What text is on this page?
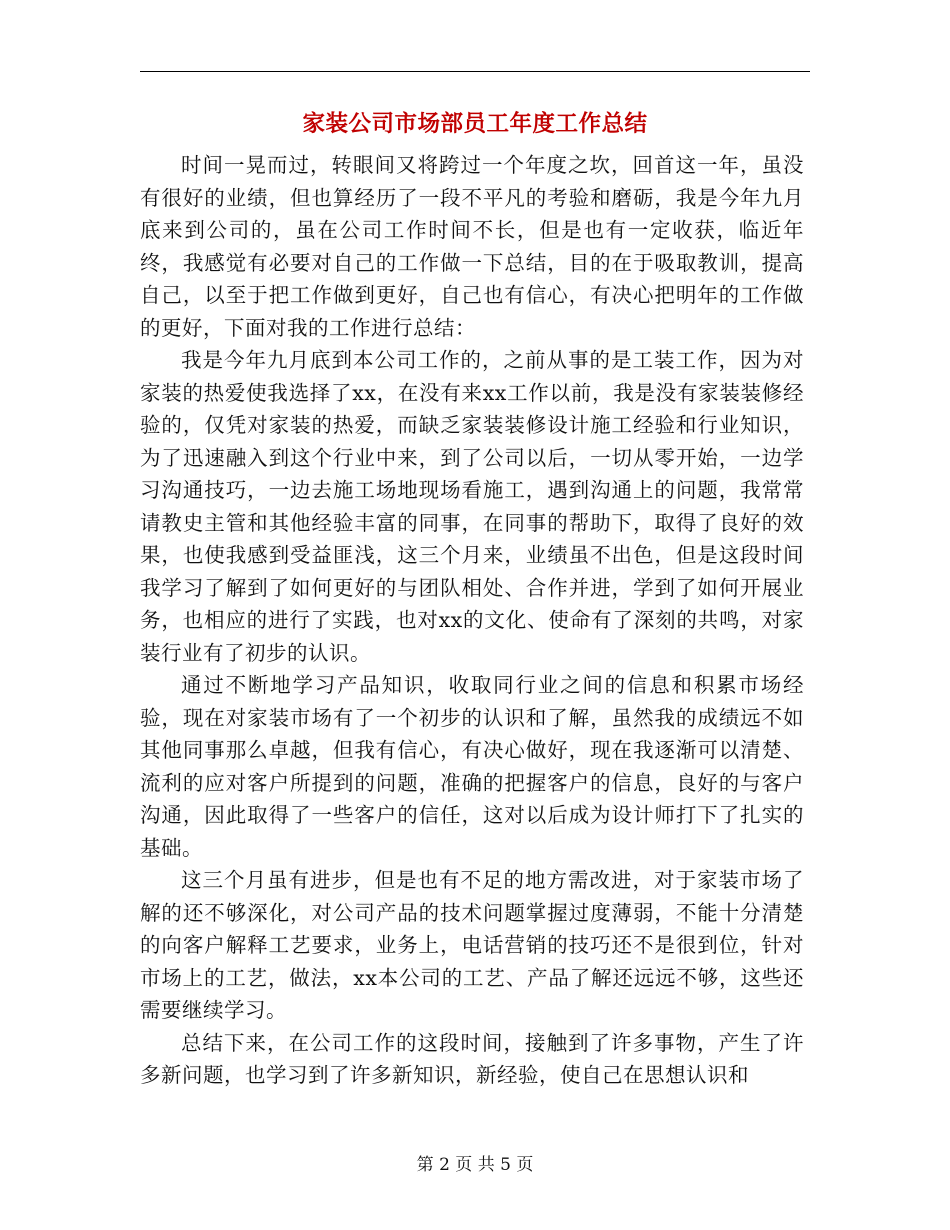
家装公司市场部员工年度工作总结

时间一晃而过，转眼间又将跨过一个年度之坎，回首这一年，虽没有很好的业绩，但也算经历了一段不平凡的考验和磨砺，我是今年九月底来到公司的，虽在公司工作时间不长，但是也有一定收获，临近年终，我感觉有必要对自己的工作做一下总结，目的在于吸取教训，提高自己，以至于把工作做到更好，自己也有信心，有决心把明年的工作做的更好，下面对我的工作进行总结：

我是今年九月底到本公司工作的，之前从事的是工装工作，因为对家装的热爱使我选择了xx，在没有来xx工作以前，我是没有家装装修经验的，仅凭对家装的热爱，而缺乏家装装修设计施工经验和行业知识，为了迅速融入到这个行业中来，到了公司以后，一切从零开始，一边学习沟通技巧，一边去施工场地现场看施工，遇到沟通上的问题，我常常请教史主管和其他经验丰富的同事，在同事的帮助下，取得了良好的效果，也使我感到受益匪浅，这三个月来，业绩虽不出色，但是这段时间我学习了解到了如何更好的与团队相处、合作并进，学到了如何开展业务，也相应的进行了实践，也对xx的文化、使命有了深刻的共鸣，对家装行业有了初步的认识。

通过不断地学习产品知识，收取同行业之间的信息和积累市场经验，现在对家装市场有了一个初步的认识和了解，虽然我的成绩远不如其他同事那么卓越，但我有信心，有决心做好，现在我逐渐可以清楚、流利的应对客户所提到的问题，准确的把握客户的信息，良好的与客户沟通，因此取得了一些客户的信任，这对以后成为设计师打下了扎实的基础。

这三个月虽有进步，但是也有不足的地方需改进，对于家装市场了解的还不够深化，对公司产品的技术问题掌握过度薄弱，不能十分清楚的向客户解释工艺要求，业务上，电话营销的技巧还不是很到位，针对市场上的工艺，做法，xx本公司的工艺、产品了解还远远不够，这些还需要继续学习。

总结下来，在公司工作的这段时间，接触到了许多事物，产生了许多新问题，也学习到了许多新知识，新经验，使自己在思想认识和

第 2 页 共 5 页
